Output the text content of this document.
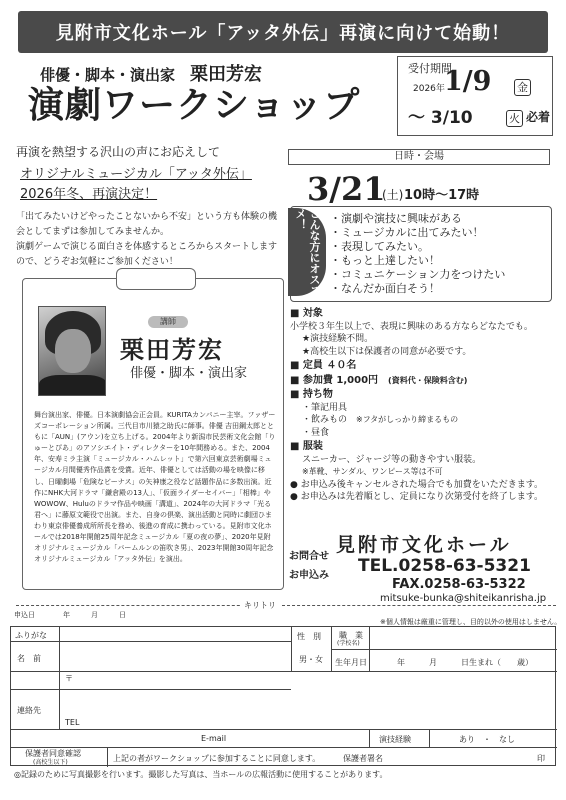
見附市文化ホール「アッタ外伝」再演に向けて始動！
俳優・脚本・演出家　 栗田芳宏
演劇ワークショップ
受付期間
2026年 1/9 金
～ 3/10	火 必着
再演を熱望する沢山の声にお応えして
オリジナルミュージカル「アッタ外伝」
2026年冬、再演決定！
「出てみたいけどやったことないから不安」という方も体験の機会としてまずは参加してみませんか。
演劇ゲームで演じる面白さを体感するところからスタートしますので、どうぞお気軽にご参加ください！
日時・会場
3/21
(土) 10時～17時
こんな方にオススメ！	・演劇や演技に興味がある
・ミュージカルに出てみたい！
・表現してみたい。
・もっと上達したい！
・コミュニケーション力をつけたい
・なんだか面白そう！
講師
栗田芳宏
俳優・脚本・演出家
舞台演出家、俳優。日本演劇協会正会員。KURITAカンパニー主宰。ファザーズコーポレーション所属。三代目市川猿之助氏に師事。俳優 吉田鋼太郎とともに「AUN」(アウン)を立ち上げる。2004年より新潟市民芸術文化会館「りゅーとぴあ」のアソシエイト・ディレクターを10年間務める。また、2004年、安寿ミラ主演「ミュージカル・ハムレット」で第六回東京芸術劇場ミュージカル月間優秀作品賞を受賞。近年、俳優としては活動の場を映像に移し、日曜劇場「危険なビーナス」の矢神康之役など話題作品に多数出演。近作にNHK大河ドラマ「鎌倉殿の13人」、「仮面ライダーセイバー」「相棒」や WOWOW、Huluのドラマ作品や映画「溝道」、2024年の大河ドラマ「光る君へ」に藤原文範役で出演。また、自身の倶楽、演出活動と同時に劇団ひまわり東京俳優養成所所長を務め、後進の育成に携わっている。見附市文化ホールでは2018年開館25周年記念ミュージカル「夏の夜の夢」、2020年見附オリジナルミュージカル「バームルンの笛吹き男」、2023年開館30周年記念オリジナルミュージカル「アッタ外伝」を演出。
■ 対象
小学校３年生以上で、表現に興味のある方ならどなたでも。
★演技経験不問。
★高校生以下は保護者の同意が必要です。
■ 定員 ４０名
■ 参加費 1,000円　 (資料代・保険料含む)
■ 持ち物
・筆記用具
・飲みもの　 ※フタがしっかり締まるもの
・昼食
■ 服装
スニーカー、ジャージ等の動きやすい服装。
※革靴、サンダル、ワンピース等は不可
● お申込み後キャンセルされた場合でも加費をいただきます。
● お申込みは先着順とし、定員になり次第受付を終了します。
見附市文化ホール
お問合せ
お申込み TEL.0258-63-5321
FAX.0258-63-5322
mitsuke-bunka@shiteikanrisha.jp
キリトリ
申込日　　　　年　　　月　　　日
※個人情報は厳重に管理し、目的以外の使用はしません。
ふりがな
名　前
性　別
男・女
職　業
(学校名)
生年月日	年　　　月　　　日生まれ（　　歳）
連絡先
〒
TEL
E-mail	演技経験	あり　・　なし
保護者同意確認
(高校生以下)	上記の者がワークショップに参加することに同意します。	保護者署名	印
◎記録のために写真撮影を行います。撮影した写真は、当ホールの広報活動に使用することがあります。
